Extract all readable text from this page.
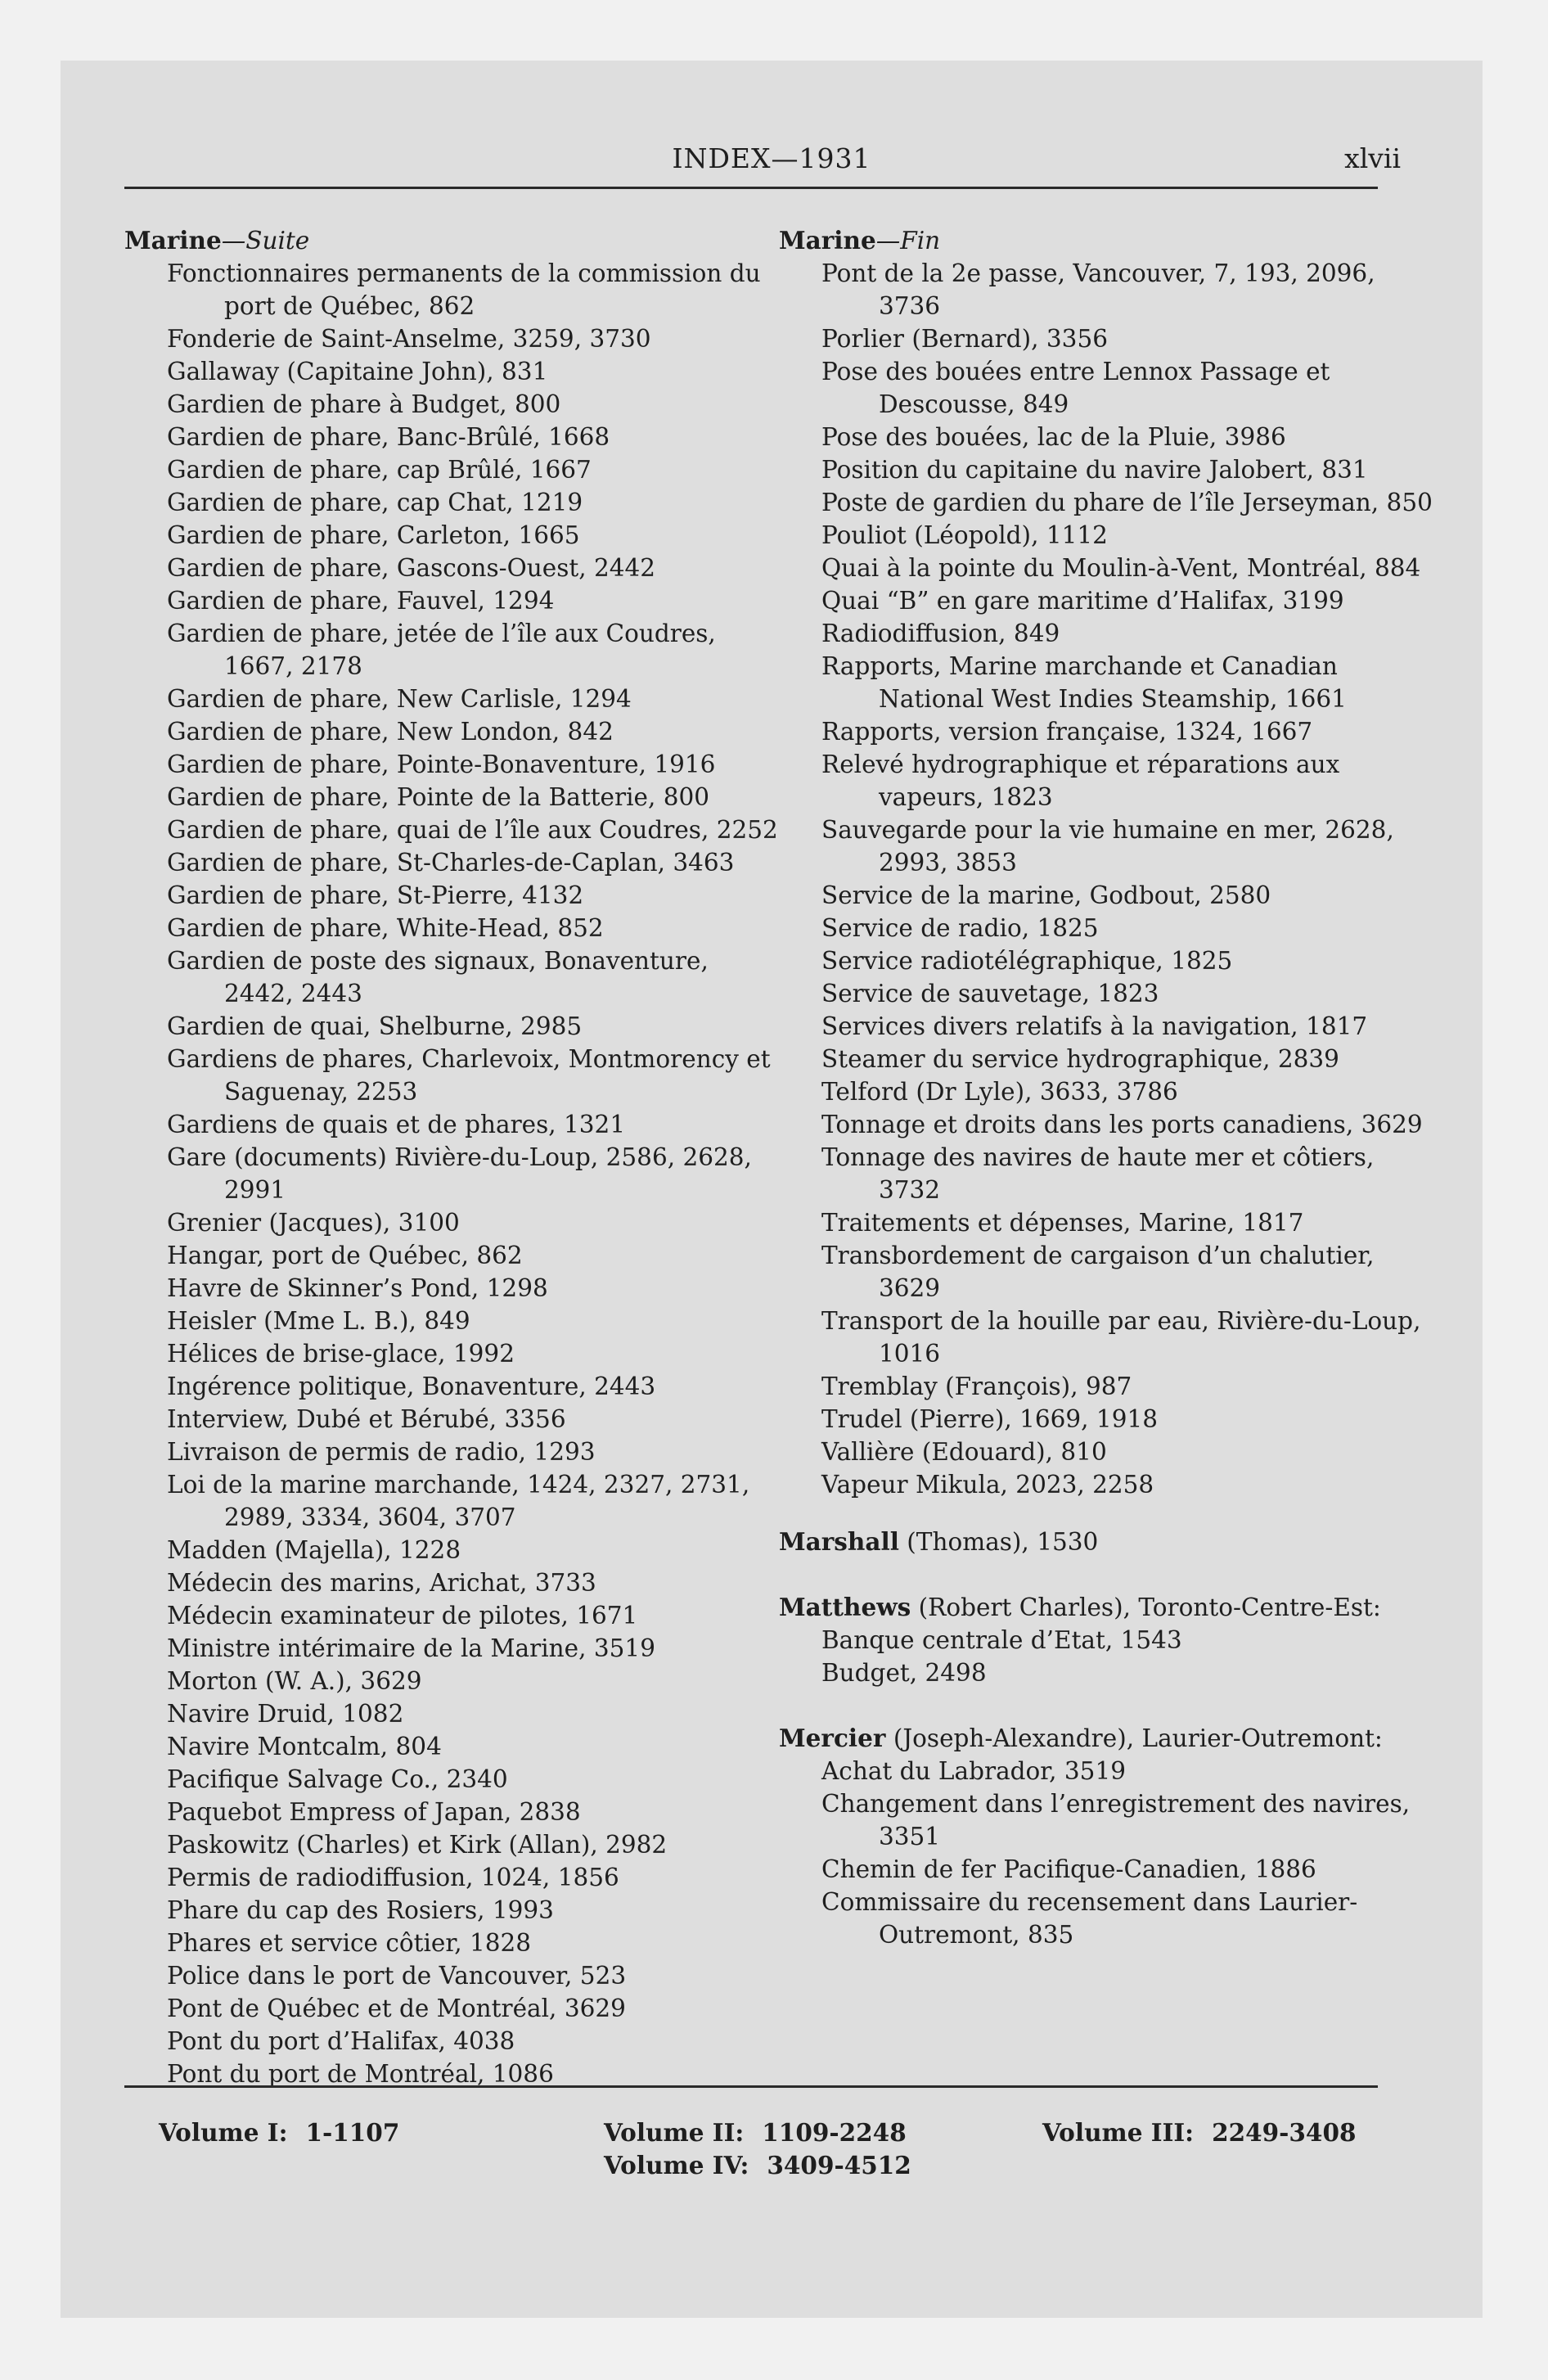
INDEX—1931	xlvii

Marine—Suite

Fonctionnaires permanents de la commission du port de Québec, 862

Fonderie de Saint-Anselme, 3259, 3730

Gallaway (Capitaine John), 831

Gardien de phare à Budget, 800

Gardien de phare, Banc-Brûlé, 1668

Gardien de phare, cap Brûlé, 1667

Gardien de phare, cap Chat, 1219

Gardien de phare, Carleton, 1665

Gardien de phare, Gascons-Ouest, 2442

Gardien de phare, Fauvel, 1294

Gardien de phare, jetée de l’île aux Coudres, 1667, 2178

Gardien de phare, New Carlisle, 1294

Gardien de phare, New London, 842

Gardien de phare, Pointe-Bonaventure, 1916

Gardien de phare, Pointe de la Batterie, 800

Gardien de phare, quai de l’île aux Coudres, 2252

Gardien de phare, St-Charles-de-Caplan, 3463

Gardien de phare, St-Pierre, 4132

Gardien de phare, White-Head, 852

Gardien de poste des signaux, Bonaventure, 2442, 2443

Gardien de quai, Shelburne, 2985

Gardiens de phares, Charlevoix, Montmorency et Saguenay, 2253

Gardiens de quais et de phares, 1321

Gare (documents) Rivière-du-Loup, 2586, 2628, 2991

Grenier (Jacques), 3100

Hangar, port de Québec, 862

Havre de Skinner’s Pond, 1298

Heisler (Mme L. B.), 849

Hélices de brise-glace, 1992

Ingérence politique, Bonaventure, 2443

Interview, Dubé et Bérubé, 3356

Livraison de permis de radio, 1293

Loi de la marine marchande, 1424, 2327, 2731, 2989, 3334, 3604, 3707

Madden (Majella), 1228

Médecin des marins, Arichat, 3733

Médecin examinateur de pilotes, 1671

Ministre intérimaire de la Marine, 3519

Morton (W. A.), 3629

Navire Druid, 1082

Navire Montcalm, 804

Pacifique Salvage Co., 2340

Paquebot Empress of Japan, 2838

Paskowitz (Charles) et Kirk (Allan), 2982

Permis de radiodiffusion, 1024, 1856

Phare du cap des Rosiers, 1993

Phares et service côtier, 1828

Police dans le port de Vancouver, 523

Pont de Québec et de Montréal, 3629

Pont du port d’Halifax, 4038

Pont du port de Montréal, 1086

Marine—Fin

Pont de la 2e passe, Vancouver, 7, 193, 2096, 3736

Porlier (Bernard), 3356

Pose des bouées entre Lennox Passage et Descousse, 849

Pose des bouées, lac de la Pluie, 3986

Position du capitaine du navire Jalobert, 831

Poste de gardien du phare de l’île Jerseyman, 850

Pouliot (Léopold), 1112

Quai à la pointe du Moulin-à-Vent, Montréal, 884

Quai “B” en gare maritime d’Halifax, 3199

Radiodiffusion, 849

Rapports, Marine marchande et Canadian National West Indies Steamship, 1661

Rapports, version française, 1324, 1667

Relevé hydrographique et réparations aux vapeurs, 1823

Sauvegarde pour la vie humaine en mer, 2628, 2993, 3853

Service de la marine, Godbout, 2580

Service de radio, 1825

Service radiotélégraphique, 1825

Service de sauvetage, 1823

Services divers relatifs à la navigation, 1817

Steamer du service hydrographique, 2839

Telford (Dr Lyle), 3633, 3786

Tonnage et droits dans les ports canadiens, 3629

Tonnage des navires de haute mer et côtiers, 3732

Traitements et dépenses, Marine, 1817

Transbordement de cargaison d’un chalutier, 3629

Transport de la houille par eau, Rivière-du-Loup, 1016

Tremblay (François), 987

Trudel (Pierre), 1669, 1918

Vallière (Edouard), 810

Vapeur Mikula, 2023, 2258

Marshall (Thomas), 1530

Matthews (Robert Charles), Toronto-Centre-Est:

Banque centrale d’Etat, 1543

Budget, 2498

Mercier (Joseph-Alexandre), Laurier-Outremont:

Achat du Labrador, 3519

Changement dans l’enregistrement des navires, 3351

Chemin de fer Pacifique-Canadien, 1886

Commissaire du recensement dans Laurier-Outremont, 835

Volume I: 1-1107	Volume II: 1109-2248
Volume IV: 3409-4512
Volume III: 2249-3408
